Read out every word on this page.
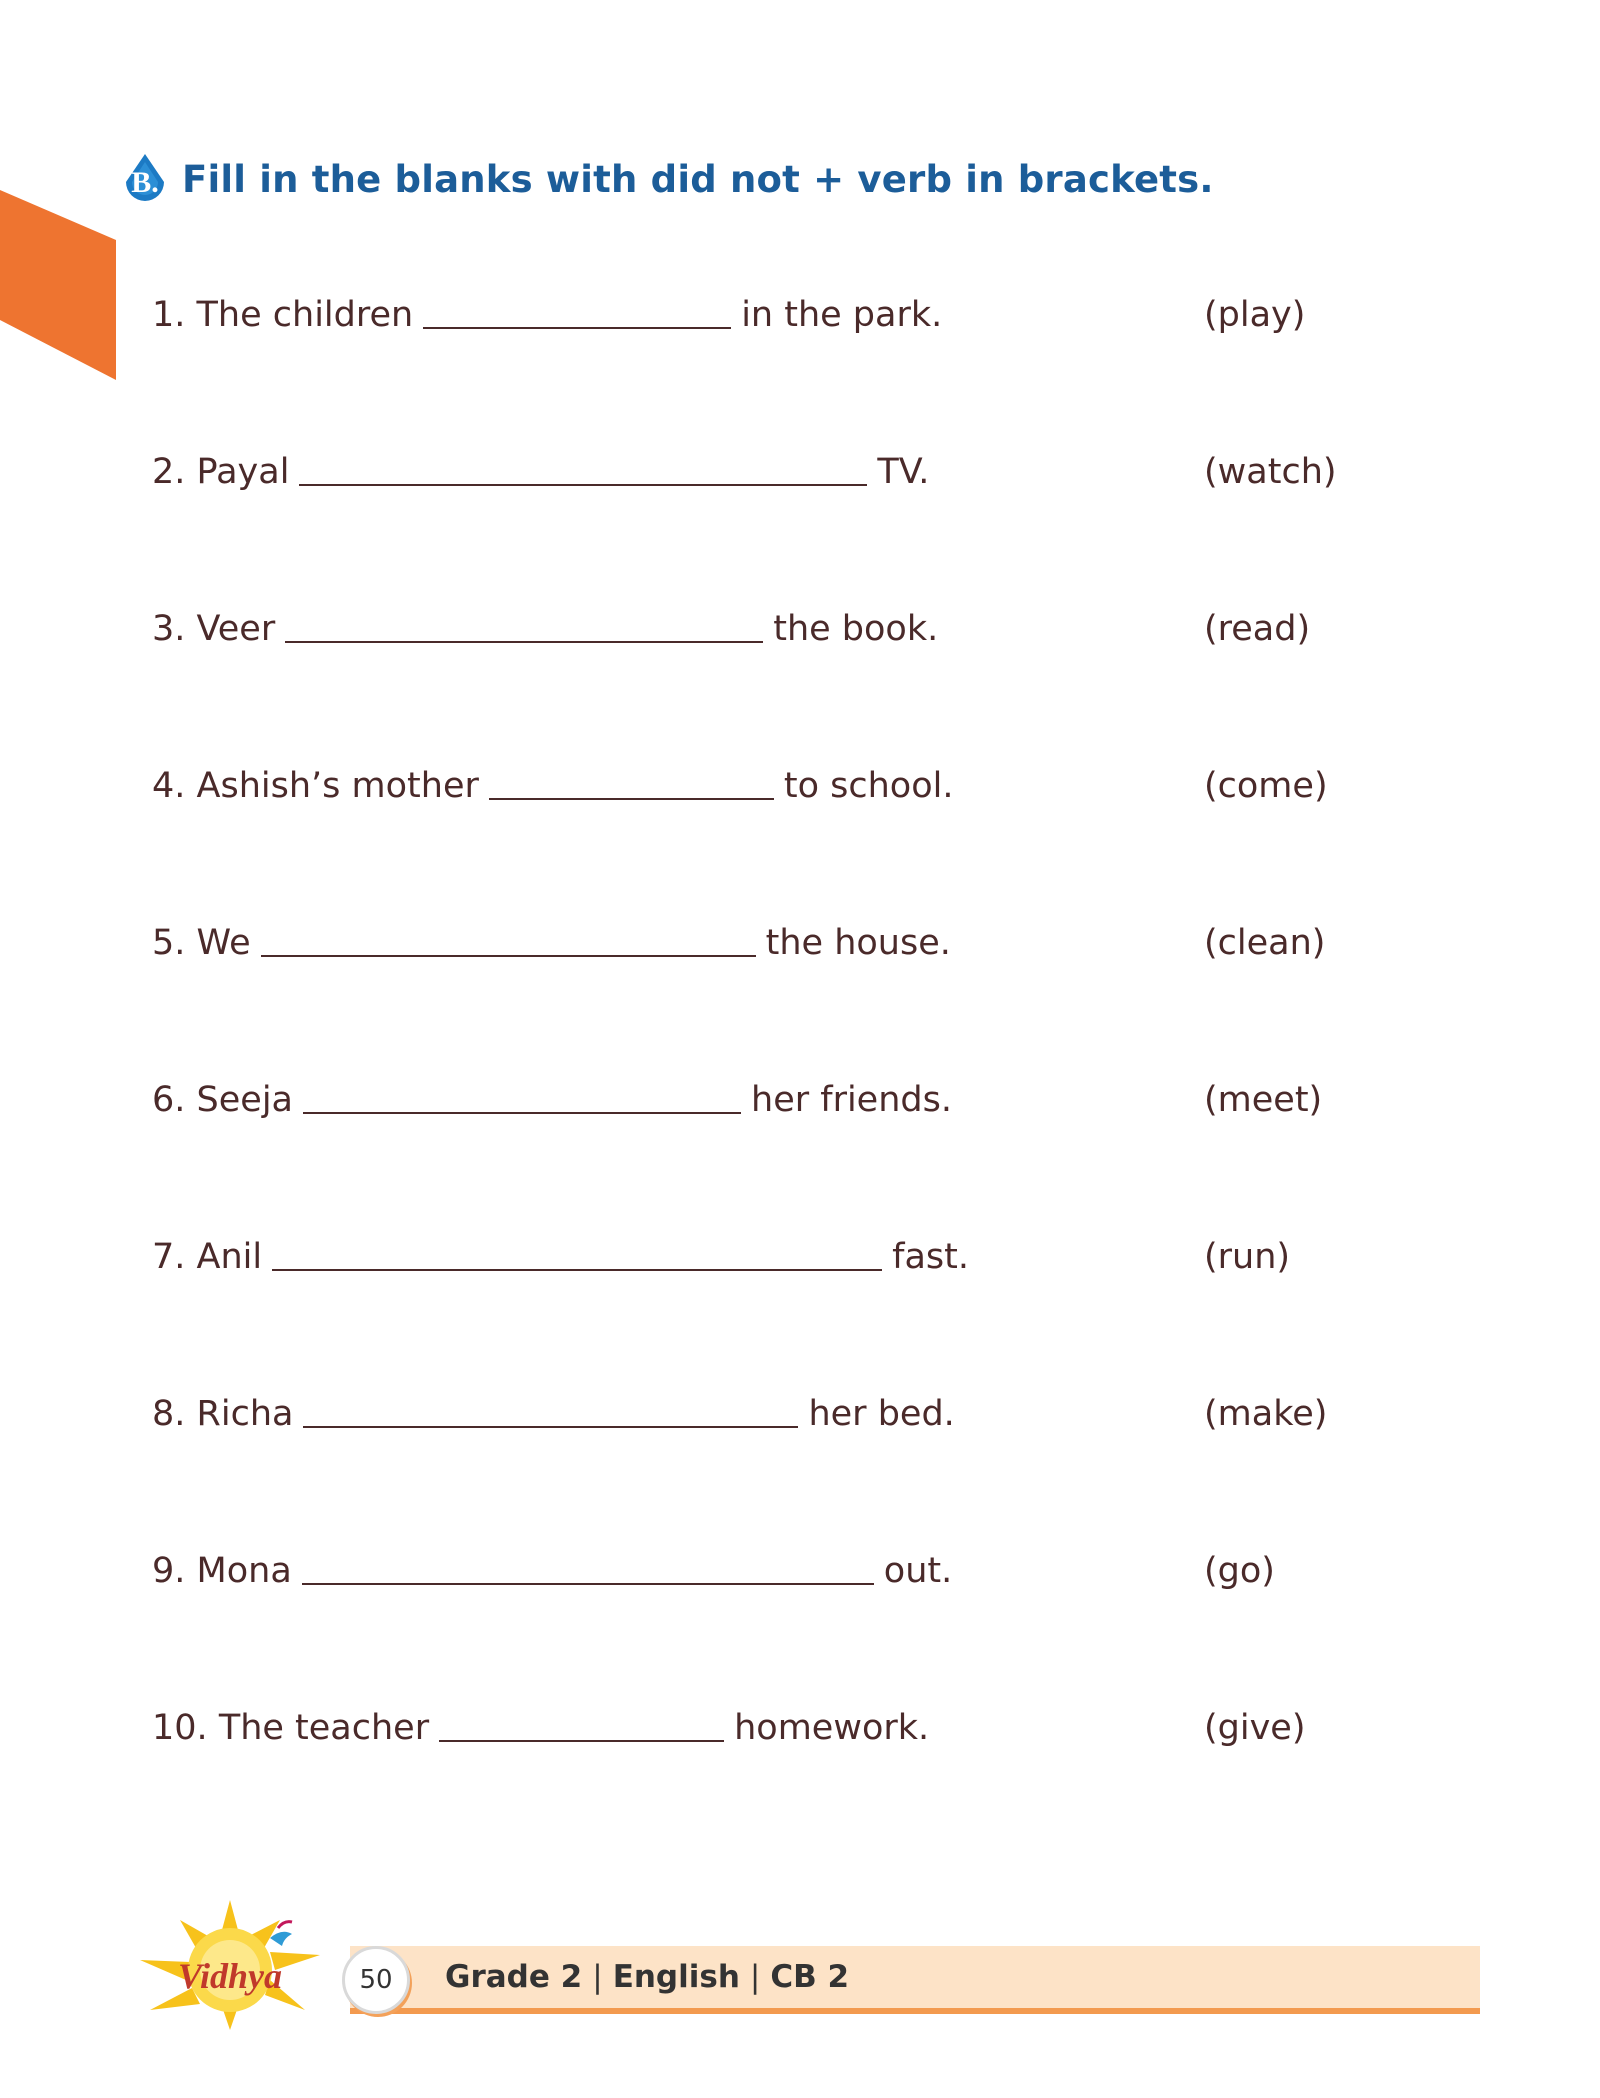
B. Fill in the blanks with did not + verb in brackets.
1.
The children	in the park.	(play)
2.
Payal	TV.	(watch)
3.
Veer	the book.	(read)
4.
Ashish’s mother	to school.	(come)
5.
We	the house.	(clean)
6.
Seeja	her friends.	(meet)
7.
Anil	fast.	(run)
8.
Richa	her bed.	(make)
9.
Mona	out.	(go)
10.
The teacher	homework.	(give)
Vidhya	50 Grade 2 | English | CB 2
